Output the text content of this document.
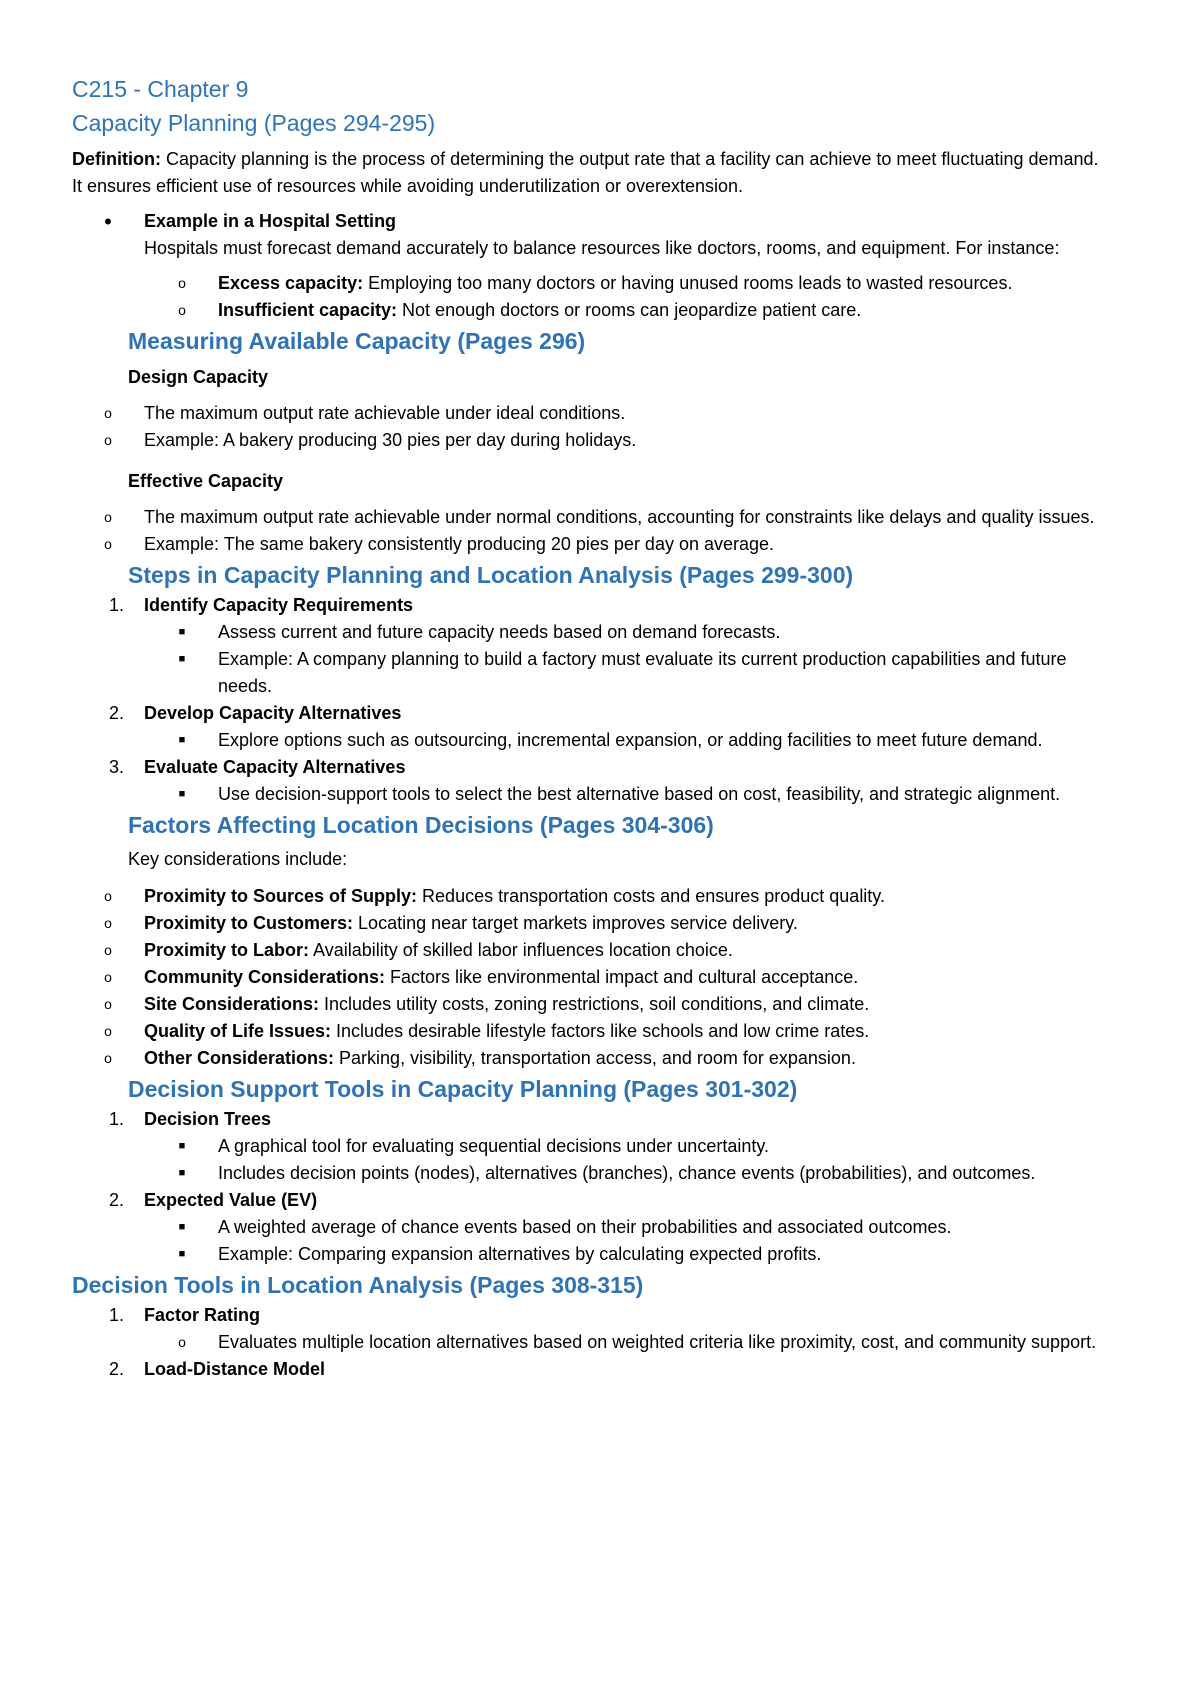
C215 - Chapter 9
Capacity Planning (Pages 294-295)

Definition: Capacity planning is the process of determining the output rate that a facility can achieve to meet fluctuating demand. It ensures efficient use of resources while avoiding underutilization or overextension.

•	Example in a Hospital Setting
Hospitals must forecast demand accurately to balance resources like doctors, rooms, and equipment. For instance:
o	Excess capacity: Employing too many doctors or having unused rooms leads to wasted resources.
o	Insufficient capacity: Not enough doctors or rooms can jeopardize patient care.
Measuring Available Capacity (Pages 296)
Design Capacity
o	The maximum output rate achievable under ideal conditions.
o	Example: A bakery producing 30 pies per day during holidays.
Effective Capacity
o	The maximum output rate achievable under normal conditions, accounting for constraints like delays and quality issues.
o	Example: The same bakery consistently producing 20 pies per day on average.
Steps in Capacity Planning and Location Analysis (Pages 299-300)
1. Identify Capacity Requirements
■	Assess current and future capacity needs based on demand forecasts.
■	Example: A company planning to build a factory must evaluate its current production capabilities and future needs.
2. Develop Capacity Alternatives
■	Explore options such as outsourcing, incremental expansion, or adding facilities to meet future demand.
3. Evaluate Capacity Alternatives
■	Use decision-support tools to select the best alternative based on cost, feasibility, and strategic alignment.
Factors Affecting Location Decisions (Pages 304-306)

Key considerations include:

o	Proximity to Sources of Supply: Reduces transportation costs and ensures product quality.
o	Proximity to Customers: Locating near target markets improves service delivery.
o	Proximity to Labor: Availability of skilled labor influences location choice.
o	Community Considerations: Factors like environmental impact and cultural acceptance.
o	Site Considerations: Includes utility costs, zoning restrictions, soil conditions, and climate.
o	Quality of Life Issues: Includes desirable lifestyle factors like schools and low crime rates.
o	Other Considerations: Parking, visibility, transportation access, and room for expansion.
Decision Support Tools in Capacity Planning (Pages 301-302)
1. Decision Trees
■	A graphical tool for evaluating sequential decisions under uncertainty.
■	Includes decision points (nodes), alternatives (branches), chance events (probabilities), and outcomes.
2. Expected Value (EV)
■	A weighted average of chance events based on their probabilities and associated outcomes.
■	Example: Comparing expansion alternatives by calculating expected profits.
Decision Tools in Location Analysis (Pages 308-315)
1. Factor Rating
o	Evaluates multiple location alternatives based on weighted criteria like proximity, cost, and community support.
2. Load-Distance Model
